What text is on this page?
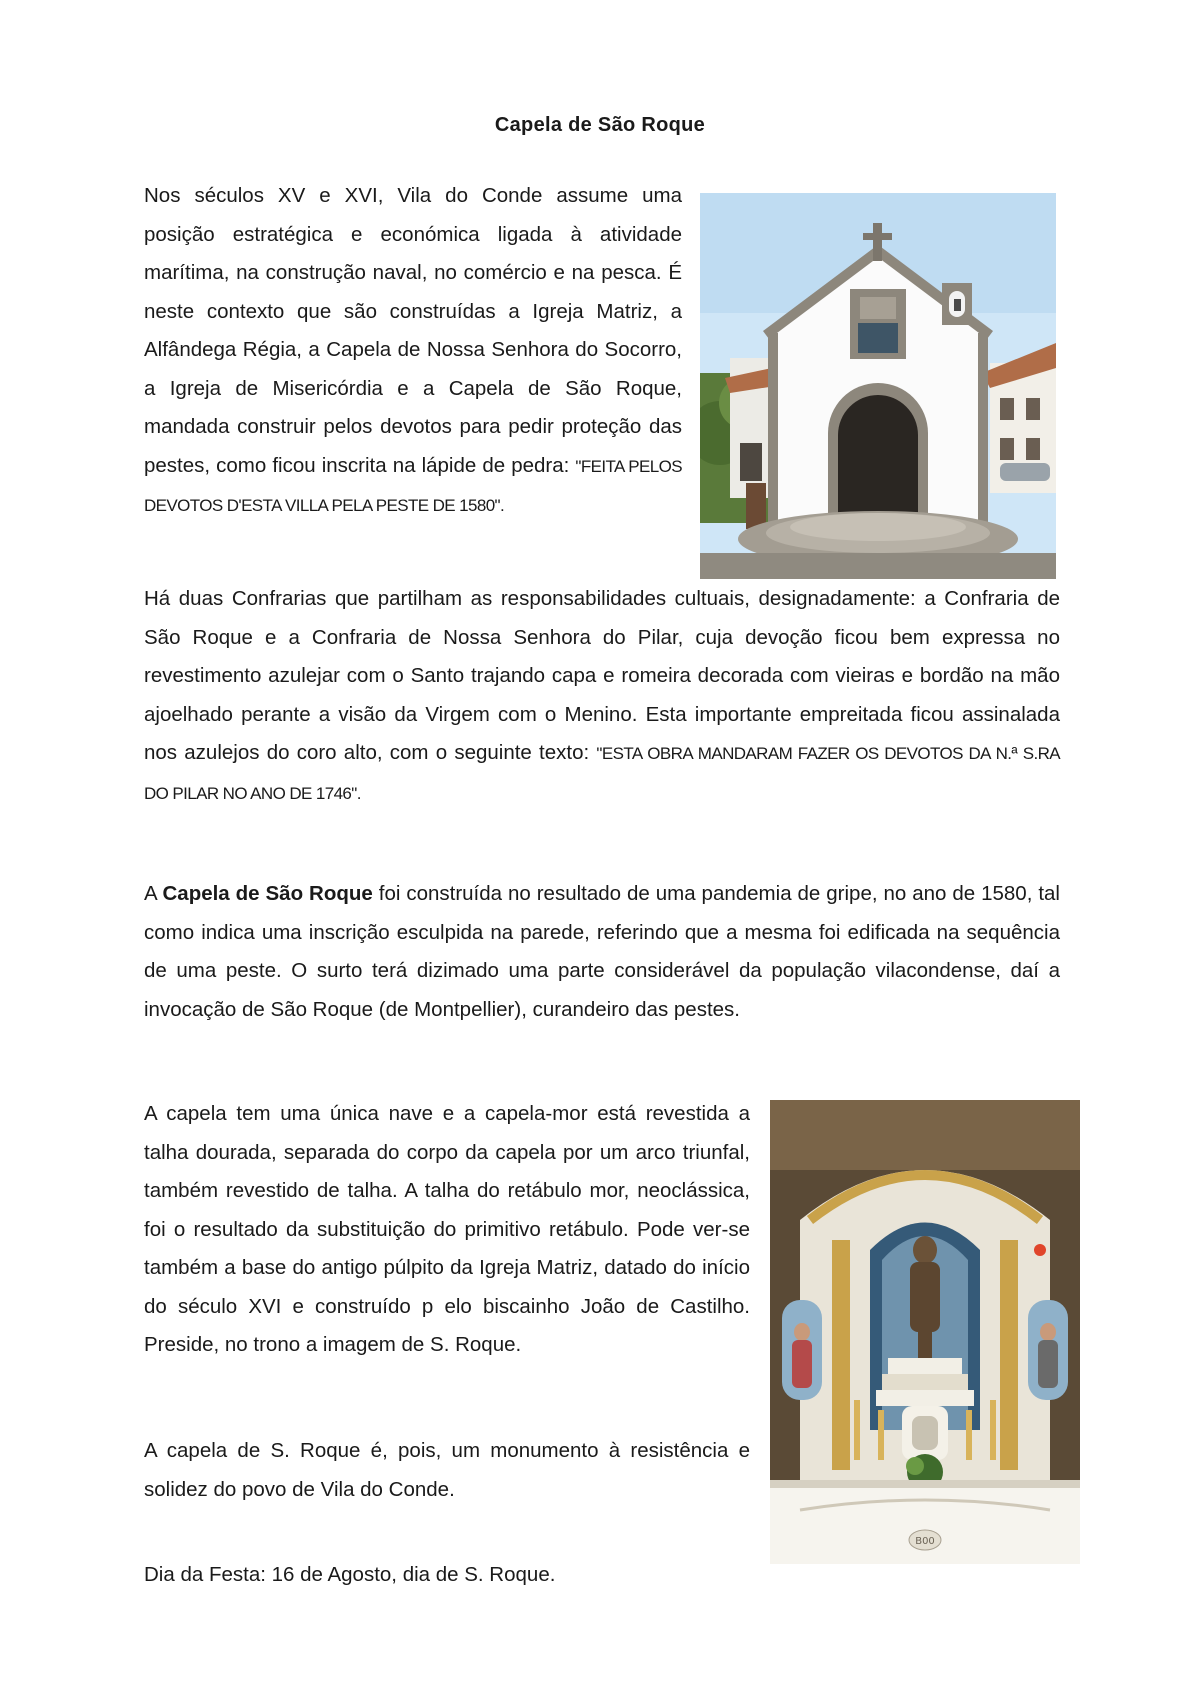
Capela de São Roque

Nos séculos XV e XVI, Vila do Conde assume uma posição estratégica e económica ligada à atividade marítima, na construção naval, no comércio e na pesca. É neste contexto que são construídas a Igreja Matriz, a Alfândega Régia, a Capela de Nossa Senhora do Socorro, a Igreja de Misericórdia e a Capela de São Roque, mandada construir pelos devotos para pedir proteção das pestes, como ficou inscrita na lápide de pedra: "FEITA PELOS DEVOTOS D'ESTA VILLA PELA PESTE DE 1580".

Há duas Confrarias que partilham as responsabilidades cultuais, designadamente: a Confraria de São Roque e a Confraria de Nossa Senhora do Pilar, cuja devoção ficou bem expressa no revestimento azulejar com o Santo trajando capa e romeira decorada com vieiras e bordão na mão ajoelhado perante a visão da Virgem com o Menino. Esta importante empreitada ficou assinalada nos azulejos do coro alto, com o seguinte texto: "ESTA OBRA MANDARAM FAZER OS DEVOTOS DA N.ª S.RA DO PILAR NO ANO DE 1746".

A Capela de São Roque foi construída no resultado de uma pandemia de gripe, no ano de 1580, tal como indica uma inscrição esculpida na parede, referindo que a mesma foi edificada na sequência de uma peste. O surto terá dizimado uma parte considerável da população vilacondense, daí a invocação de São Roque (de Montpellier), curandeiro das pestes.

A capela tem uma única nave e a capela-mor está revestida a talha dourada, separada do corpo da capela por um arco triunfal, também revestido de talha. A talha do retábulo mor, neoclássica, foi o resultado da substituição do primitivo retábulo. Pode ver-se também a base do antigo púlpito da Igreja Matriz, datado do início do século XVI e construído p elo biscainho João de Castilho. Preside, no trono a imagem de S. Roque.

B00

A capela de S. Roque é, pois, um monumento à resistência e solidez do povo de Vila do Conde.

Dia da Festa: 16 de Agosto, dia de S. Roque.
